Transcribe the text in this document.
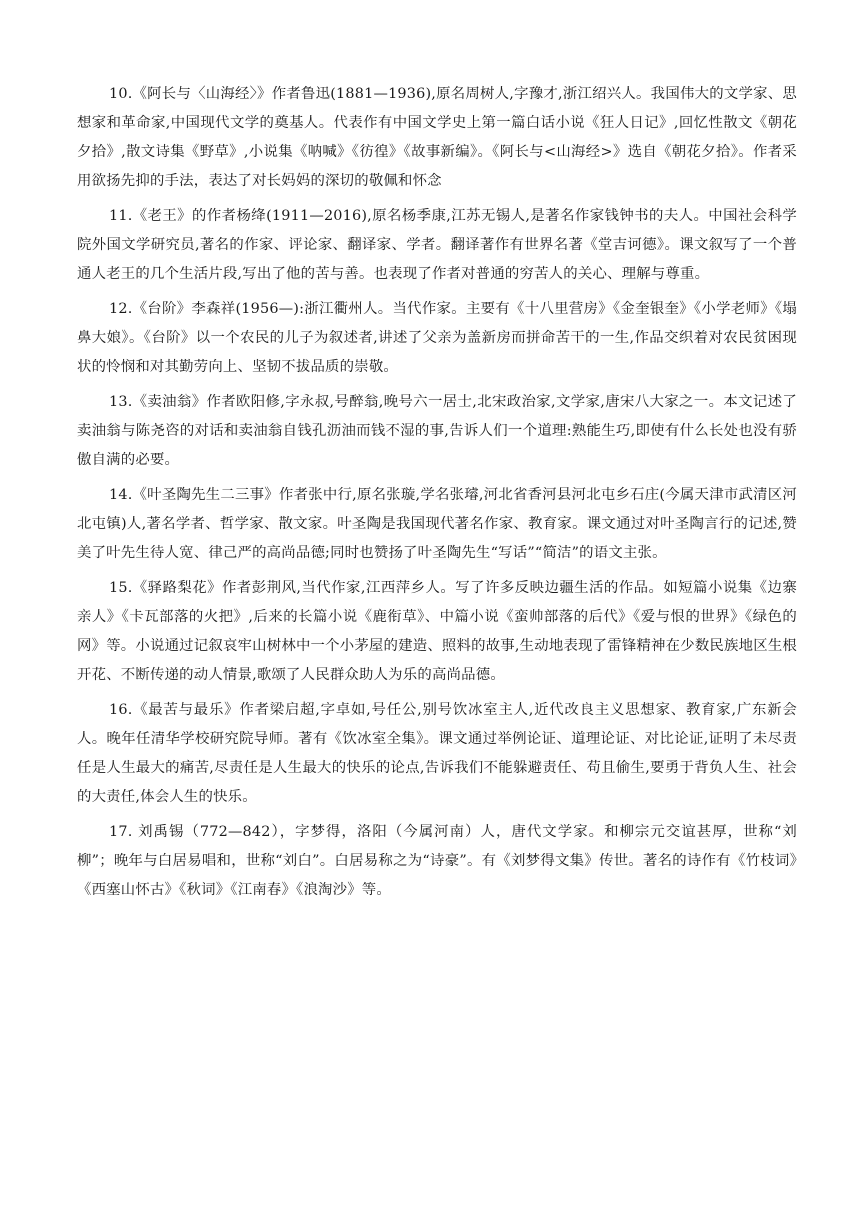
10.《阿长与〈山海经〉》作者鲁迅(1881—1936),原名周树人,字豫才,浙江绍兴人。我国伟大的文学家、思想家和革命家,中国现代文学的奠基人。代表作有中国文学史上第一篇白话小说《狂人日记》,回忆性散文《朝花夕拾》,散文诗集《野草》,小说集《呐喊》《彷徨》《故事新编》。《阿长与<山海经>》选自《朝花夕拾》。作者采用欲扬先抑的手法，表达了对长妈妈的深切的敬佩和怀念

11.《老王》的作者杨绛(1911—2016),原名杨季康,江苏无锡人,是著名作家钱钟书的夫人。中国社会科学院外国文学研究员,著名的作家、评论家、翻译家、学者。翻译著作有世界名著《堂吉诃德》。课文叙写了一个普通人老王的几个生活片段,写出了他的苦与善。也表现了作者对普通的穷苦人的关心、理解与尊重。

12.《台阶》李森祥(1956—):浙江衢州人。当代作家。主要有《十八里营房》《金奎银奎》《小学老师》《塌鼻大娘》。《台阶》以一个农民的儿子为叙述者,讲述了父亲为盖新房而拼命苦干的一生,作品交织着对农民贫困现状的怜悯和对其勤劳向上、坚韧不拔品质的崇敬。

13.《卖油翁》作者欧阳修,字永叔,号醉翁,晚号六一居士,北宋政治家,文学家,唐宋八大家之一。本文记述了卖油翁与陈尧咨的对话和卖油翁自钱孔沥油而钱不湿的事,告诉人们一个道理:熟能生巧,即使有什么长处也没有骄傲自满的必要。

14.《叶圣陶先生二三事》作者张中行,原名张璇,学名张璿,河北省香河县河北屯乡石庄(今属天津市武清区河北屯镇)人,著名学者、哲学家、散文家。叶圣陶是我国现代著名作家、教育家。课文通过对叶圣陶言行的记述,赞美了叶先生待人宽、律己严的高尚品德;同时也赞扬了叶圣陶先生“写话”“简洁”的语文主张。

15.《驿路梨花》作者彭荆风,当代作家,江西萍乡人。写了许多反映边疆生活的作品。如短篇小说集《边寨亲人》《卡瓦部落的火把》,后来的长篇小说《鹿衔草》、中篇小说《蛮帅部落的后代》《爱与恨的世界》《绿色的网》等。小说通过记叙哀牢山树林中一个小茅屋的建造、照料的故事,生动地表现了雷锋精神在少数民族地区生根开花、不断传递的动人情景,歌颂了人民群众助人为乐的高尚品德。

16.《最苦与最乐》作者梁启超,字卓如,号任公,别号饮冰室主人,近代改良主义思想家、教育家,广东新会人。晚年任清华学校研究院导师。著有《饮冰室全集》。课文通过举例论证、道理论证、对比论证,证明了未尽责任是人生最大的痛苦,尽责任是人生最大的快乐的论点,告诉我们不能躲避责任、苟且偷生,要勇于背负人生、社会的大责任,体会人生的快乐。

17. 刘禹锡（772—842），字梦得，洛阳（今属河南）人，唐代文学家。和柳宗元交谊甚厚，世称“刘柳”；晚年与白居易唱和，世称“刘白”。白居易称之为“诗豪”。有《刘梦得文集》传世。著名的诗作有《竹枝词》《西塞山怀古》《秋词》《江南春》《浪淘沙》等。
